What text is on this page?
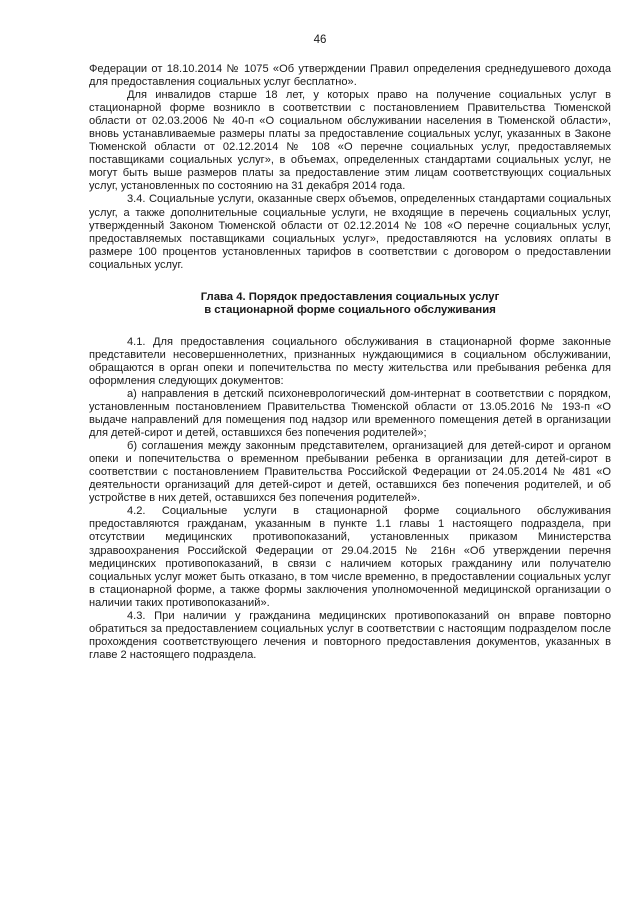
46

Федерации от 18.10.2014 № 1075 «Об утверждении Правил определения среднедушевого дохода для предоставления социальных услуг бесплатно».

Для инвалидов старше 18 лет, у которых право на получение социальных услуг в стационарной форме возникло в соответствии с постановлением Правительства Тюменской области от 02.03.2006 № 40-п «О социальном обслуживании населения в Тюменской области», вновь устанавливаемые размеры платы за предоставление социальных услуг, указанных в Законе Тюменской области от 02.12.2014 № 108 «О перечне социальных услуг, предоставляемых поставщиками социальных услуг», в объемах, определенных стандартами социальных услуг, не могут быть выше размеров платы за предоставление этим лицам соответствующих социальных услуг, установленных по состоянию на 31 декабря 2014 года.

3.4. Социальные услуги, оказанные сверх объемов, определенных стандартами социальных услуг, а также дополнительные социальные услуги, не входящие в перечень социальных услуг, утвержденный Законом Тюменской области от 02.12.2014 № 108 «О перечне социальных услуг, предоставляемых поставщиками социальных услуг», предоставляются на условиях оплаты в размере 100 процентов установленных тарифов в соответствии с договором о предоставлении социальных услуг.

Глава 4. Порядок предоставления социальных услуг
в стационарной форме социального обслуживания

4.1. Для предоставления социального обслуживания в стационарной форме законные представители несовершеннолетних, признанных нуждающимися в социальном обслуживании, обращаются в орган опеки и попечительства по месту жительства или пребывания ребенка для оформления следующих документов:

а) направления в детский психоневрологический дом-интернат в соответствии с порядком, установленным постановлением Правительства Тюменской области от 13.05.2016 № 193-п «О выдаче направлений для помещения под надзор или временного помещения детей в организации для детей-сирот и детей, оставшихся без попечения родителей»;

б) соглашения между законным представителем, организацией для детей-сирот и органом опеки и попечительства о временном пребывании ребенка в организации для детей-сирот в соответствии с постановлением Правительства Российской Федерации от 24.05.2014 № 481 «О деятельности организаций для детей-сирот и детей, оставшихся без попечения родителей, и об устройстве в них детей, оставшихся без попечения родителей».

4.2. Социальные услуги в стационарной форме социального обслуживания предоставляются гражданам, указанным в пункте 1.1 главы 1 настоящего подраздела, при отсутствии медицинских противопоказаний, установленных приказом Министерства здравоохранения Российской Федерации от 29.04.2015 № 216н «Об утверждении перечня медицинских противопоказаний, в связи с наличием которых гражданину или получателю социальных услуг может быть отказано, в том числе временно, в предоставлении социальных услуг в стационарной форме, а также формы заключения уполномоченной медицинской организации о наличии таких противопоказаний».

4.3. При наличии у гражданина медицинских противопоказаний он вправе повторно обратиться за предоставлением социальных услуг в соответствии с настоящим подразделом после прохождения соответствующего лечения и повторного предоставления документов, указанных в главе 2 настоящего подраздела.
